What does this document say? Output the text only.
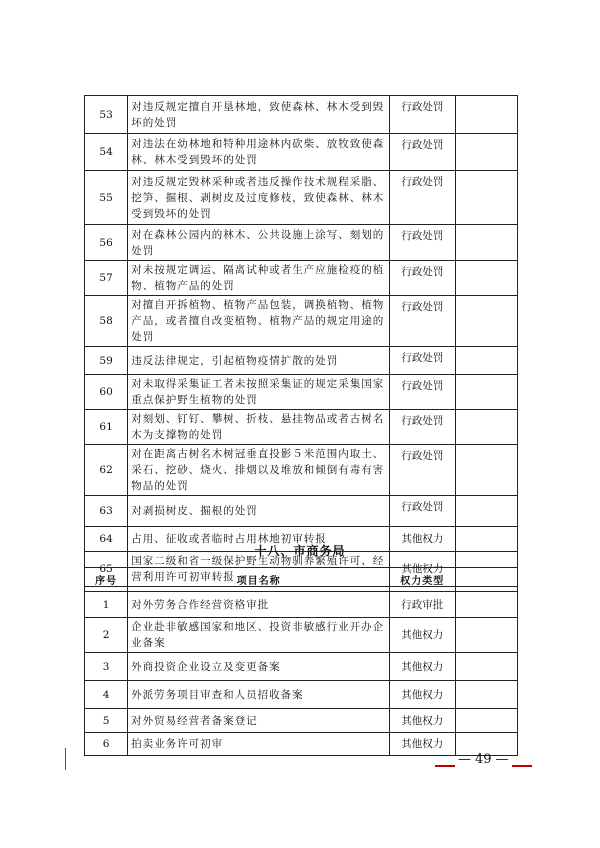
53	对违反规定擅自开垦林地，致使森林、林木受到毁坏的处罚	行政处罚	
54	对违法在幼林地和特种用途林内砍柴、放牧致使森林、林木受到毁坏的处罚	行政处罚	
55	对违反规定毁林采种或者违反操作技术规程采脂、挖笋、掘根、剥树皮及过度修枝，致使森林、林木受到毁坏的处罚	行政处罚	
56	对在森林公园内的林木、公共设施上涂写、刻划的处罚	行政处罚	
57	对未按规定调运、隔离试种或者生产应施检疫的植物、植物产品的处罚	行政处罚	
58	对擅自开拆植物、植物产品包装，调换植物、植物产品，或者擅自改变植物、植物产品的规定用途的处罚	行政处罚	
59	违反法律规定，引起植物疫情扩散的处罚	行政处罚	
60	对未取得采集证工者未按照采集证的规定采集国家重点保护野生植物的处罚	行政处罚	
61	对刻划、钉钉、攀树、折枝、悬挂物品或者古树名木为支撑物的处罚	行政处罚	
62	对在距离古树名木树冠垂直投影５米范围内取土、采石、挖砂、烧火、排烟以及堆放和倾倒有毒有害物品的处罚	行政处罚	
63	对剥损树皮、掘根的处罚	行政处罚	
64	占用、征收或者临时占用林地初审转报	其他权力	
65	国家二级和省一级保护野生动物驯养繁殖许可、经营利用许可初审转报	其他权力	
十八、市商务局
序号	项目名称	权力类型	
1	对外劳务合作经营资格审批	行政审批	
2	企业赴非敏感国家和地区、投资非敏感行业开办企业备案	其他权力	
3	外商投资企业设立及变更备案	其他权力	
4	外派劳务项目审查和人员招收备案	其他权力	
5	对外贸易经营者备案登记	其他权力	
6	拍卖业务许可初审	其他权力	
— 49 —
